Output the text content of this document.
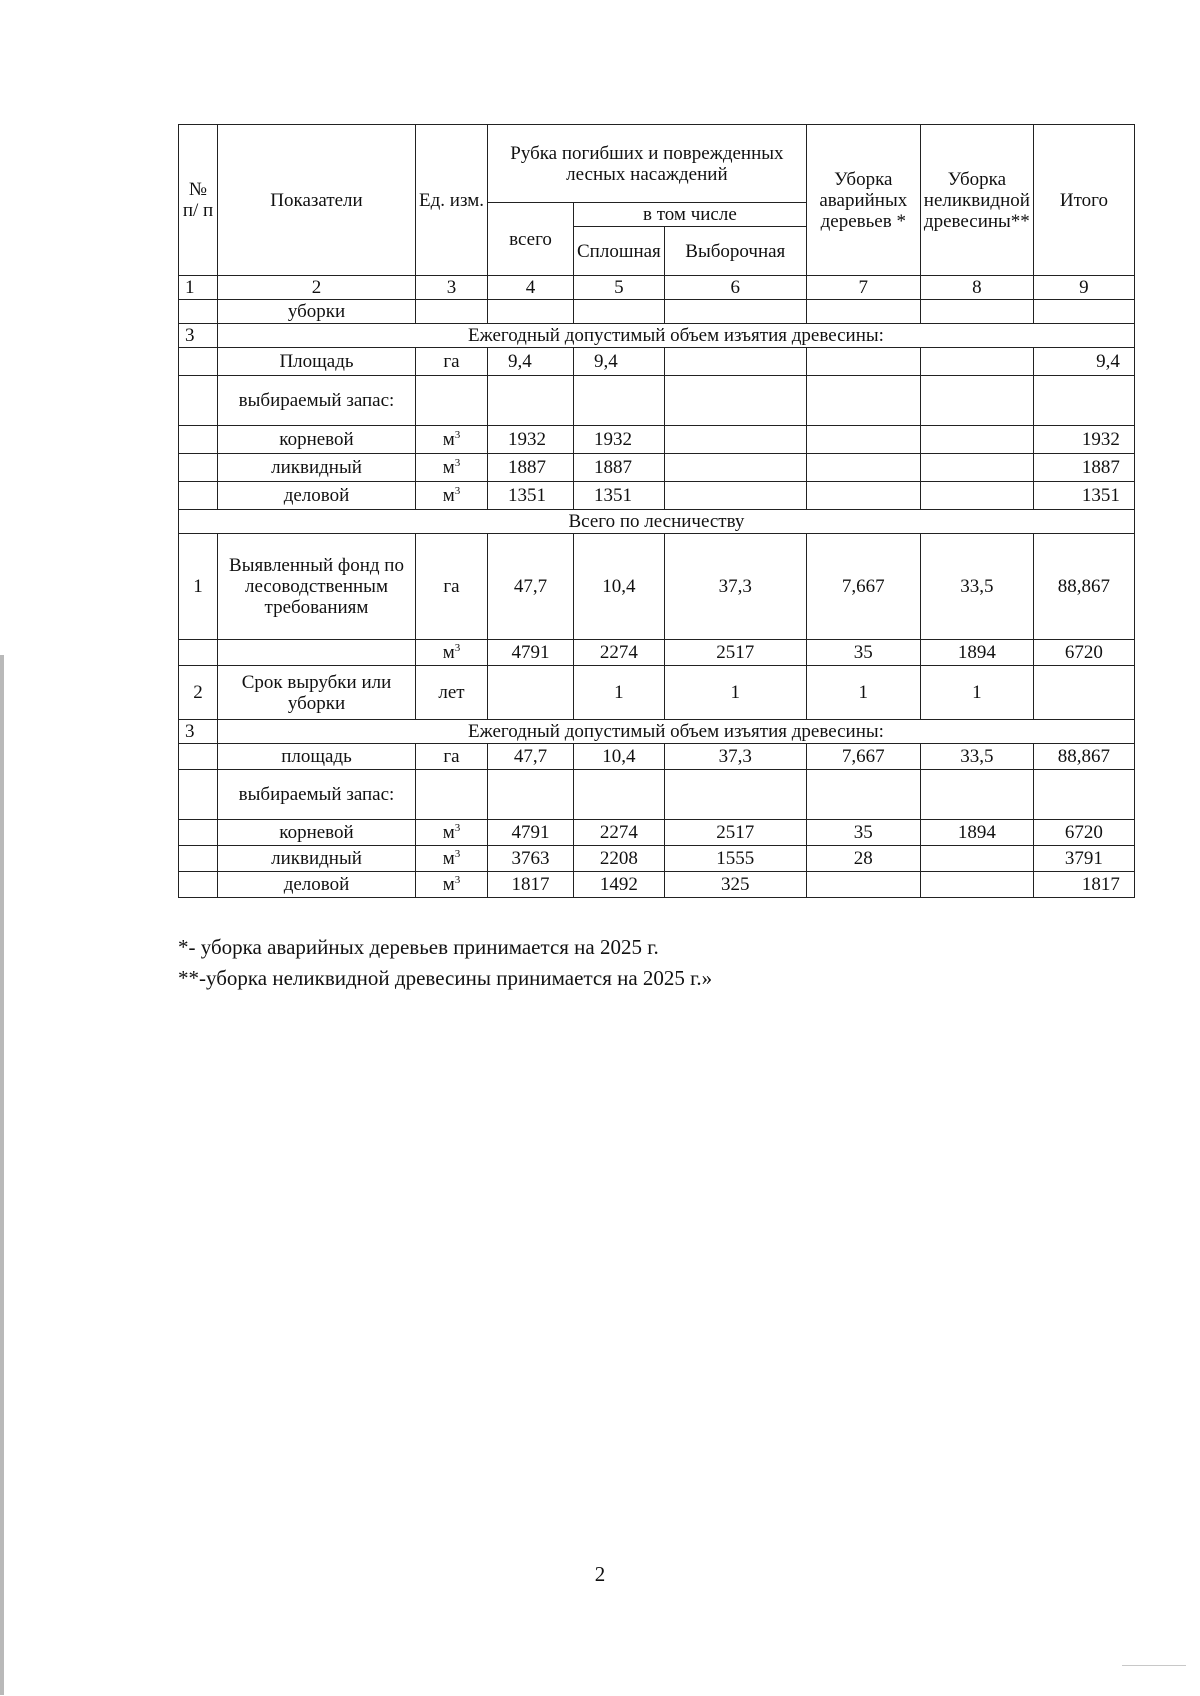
№ п/ п	Показатели	Ед. изм.	Рубка погибших и поврежденных лесных насаждений			Уборка аварийных деревьев *	Уборка неликвидной древесины**	Итого
			всего	в том числе				
				Сплошная	Выборочная			
1	2	3	4	5	6	7	8	9
	уборки							
3	Ежегодный допустимый объем изъятия древесины:							
	Площадь	га	9,4	9,4				9,4
	выбираемый запас:							
	корневой	$м^3$	1932	1932				1932
	ликвидный	$м^3$	1887	1887				1887
	деловой	$м^3$	1351	1351				1351
Всего по лесничеству								
1	Выявленный фонд по лесоводственным требованиям	га	47,7	10,4	37,3	7,667	33,5	88,867
		$м^3$	4791	2274	2517	35	1894	6720
2	Срок вырубки или уборки	лет		1	1	1	1	
3	Ежегодный допустимый объем изъятия древесины:							
	площадь	га	47,7	10,4	37,3	7,667	33,5	88,867
	выбираемый запас:							
	корневой	$м^3$	4791	2274	2517	35	1894	6720
	ликвидный	$м^3$	3763	2208	1555	28		3791
	деловой	$м^3$	1817	1492	325			1817

*- уборка аварийных деревьев принимается на 2025 г.

**-уборка неликвидной древесины принимается на 2025 г.»

2
